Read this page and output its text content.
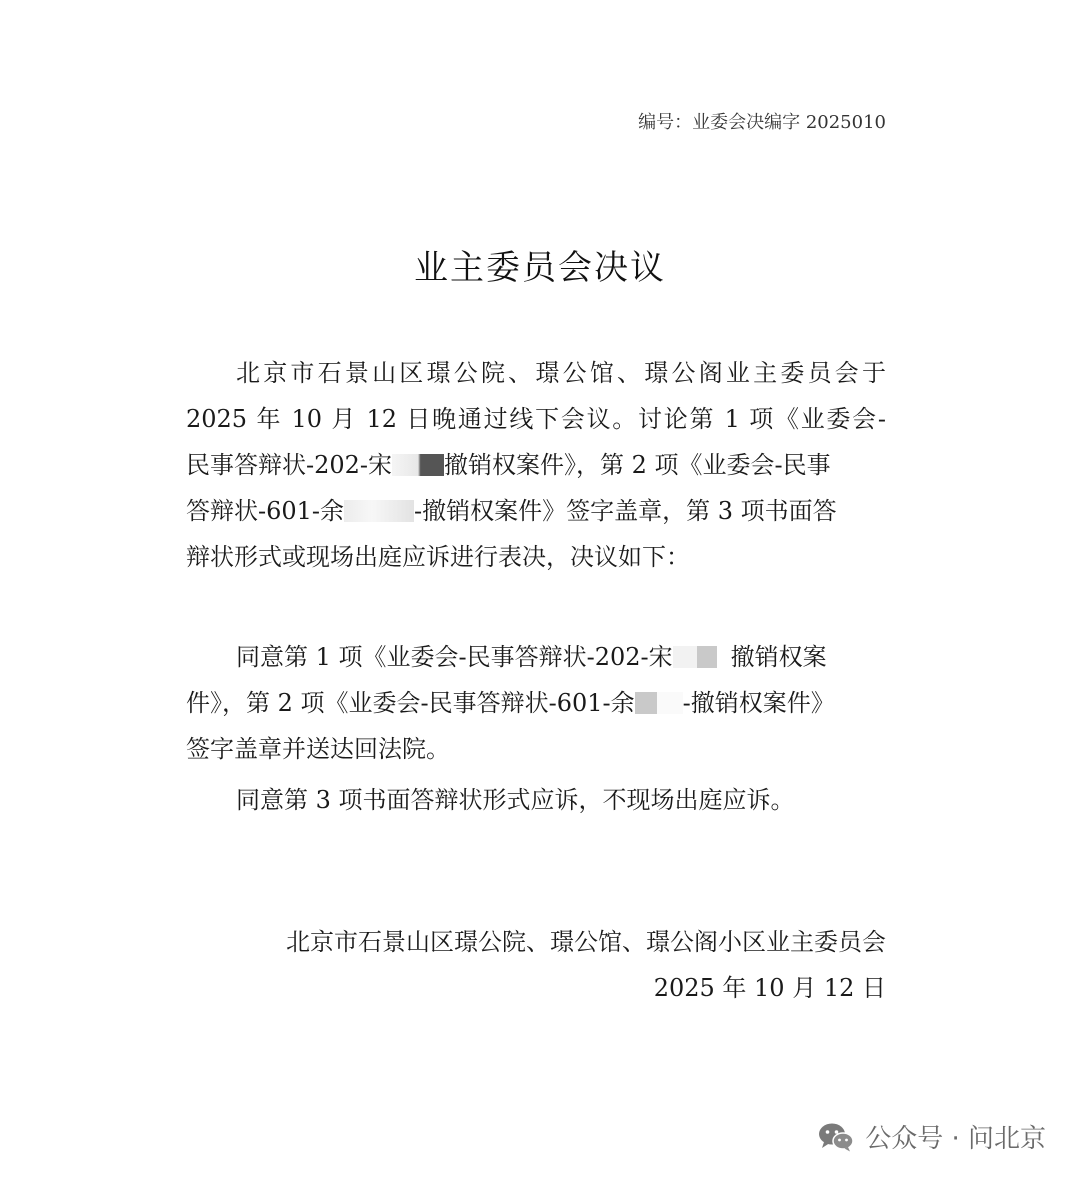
编号：业委会决编字 2025010
业主委员会决议
北京市石景山区璟公院、璟公馆、璟公阁业主委员会于
2025 年 10 月 12 日晚通过线下会议。讨论第 1 项《业委会-
民事答辩状-202-宋 撤销权案件》，第 2 项《业委会-民事
答辩状-601-余	-撤销权案件》签字盖章，第 3 项书面答
辩状形式或现场出庭应诉进行表决，决议如下：
同意第 1 项《业委会-民事答辩状-202-宋 撤销权案
件》，第 2 项《业委会-民事答辩状-601-余 -撤销权案件》
签字盖章并送达回法院。
同意第 3 项书面答辩状形式应诉，不现场出庭应诉。
北京市石景山区璟公院、璟公馆、璟公阁小区业主委员会
2025 年 10 月 12 日
公众号 · 问北京
